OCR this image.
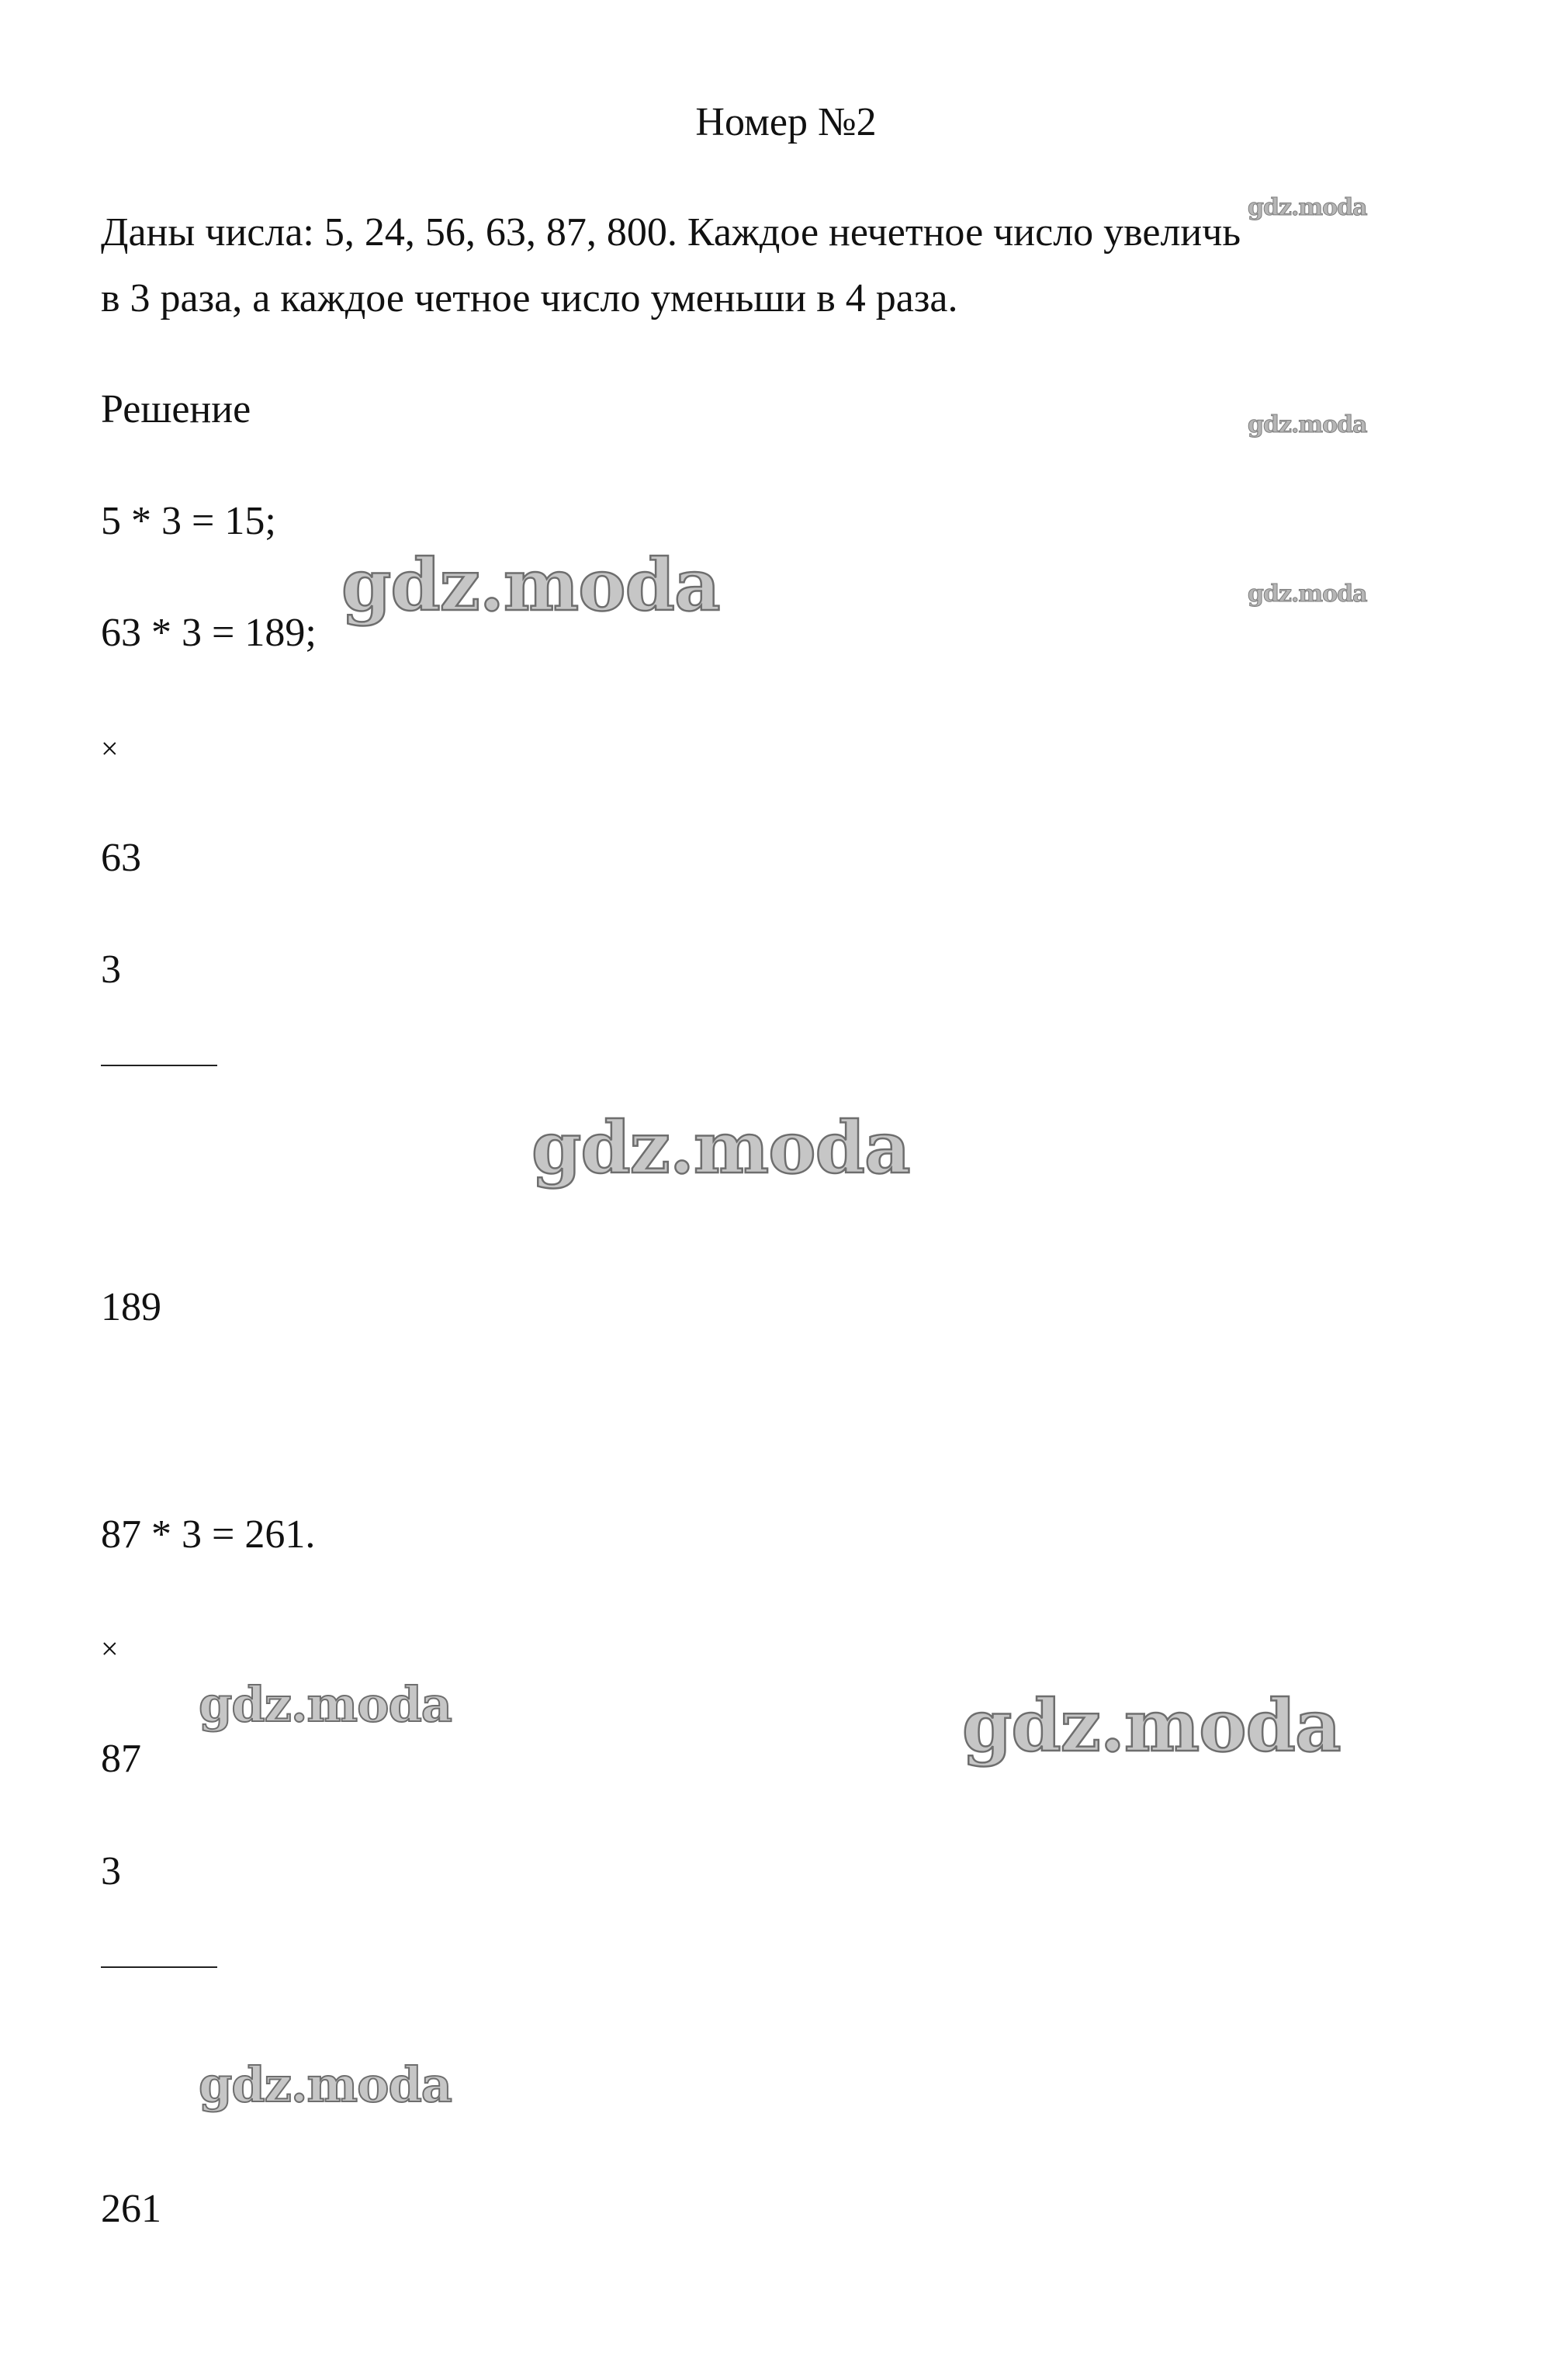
Номер №2
Даны числа: 5, 24, 56, 63, 87, 800. Каждое нечетное число увеличь
в 3 раза, а каждое четное число уменьши в 4 раза.
Решение
5 * 3 = 15;
63 * 3 = 189;
×
63
3
189
87 * 3 = 261.
×
87
3
261
gdz.moda
gdz.moda
gdz.moda
gdz.moda
gdz.moda
gdz.moda	gdz.moda
gdz.moda
